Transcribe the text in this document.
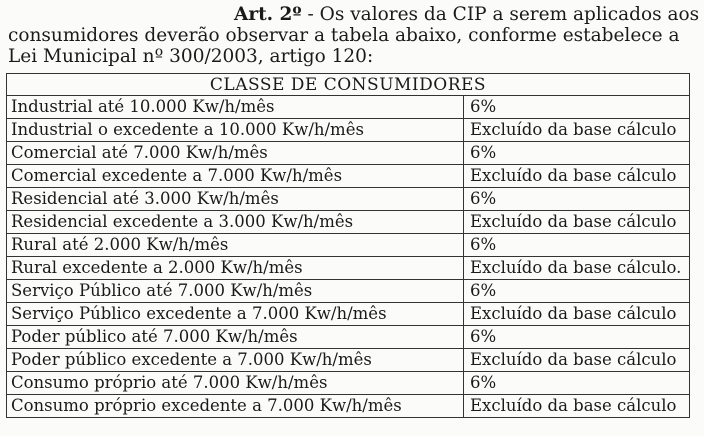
Art. 2º - Os valores da CIP a serem aplicados aos
consumidores deverão observar a tabela abaixo, conforme estabelece a
Lei Municipal nº 300/2003, artigo 120:
CLASSE DE CONSUMIDORES	
Industrial até 10.000 Kw/h/mês	6%
Industrial o excedente a 10.000 Kw/h/mês	Excluído da base cálculo
Comercial até 7.000 Kw/h/mês	6%
Comercial excedente a 7.000 Kw/h/mês	Excluído da base cálculo
Residencial até 3.000 Kw/h/mês	6%
Residencial excedente a 3.000 Kw/h/mês	Excluído da base cálculo
Rural até 2.000 Kw/h/mês	6%
Rural excedente a 2.000 Kw/h/mês	Excluído da base cálculo.
Serviço Público até 7.000 Kw/h/mês	6%
Serviço Público excedente a 7.000 Kw/h/mês	Excluído da base cálculo
Poder público até 7.000 Kw/h/mês	6%
Poder público excedente a 7.000 Kw/h/mês	Excluído da base cálculo
Consumo próprio até 7.000 Kw/h/mês	6%
Consumo próprio excedente a 7.000 Kw/h/mês	Excluído da base cálculo
